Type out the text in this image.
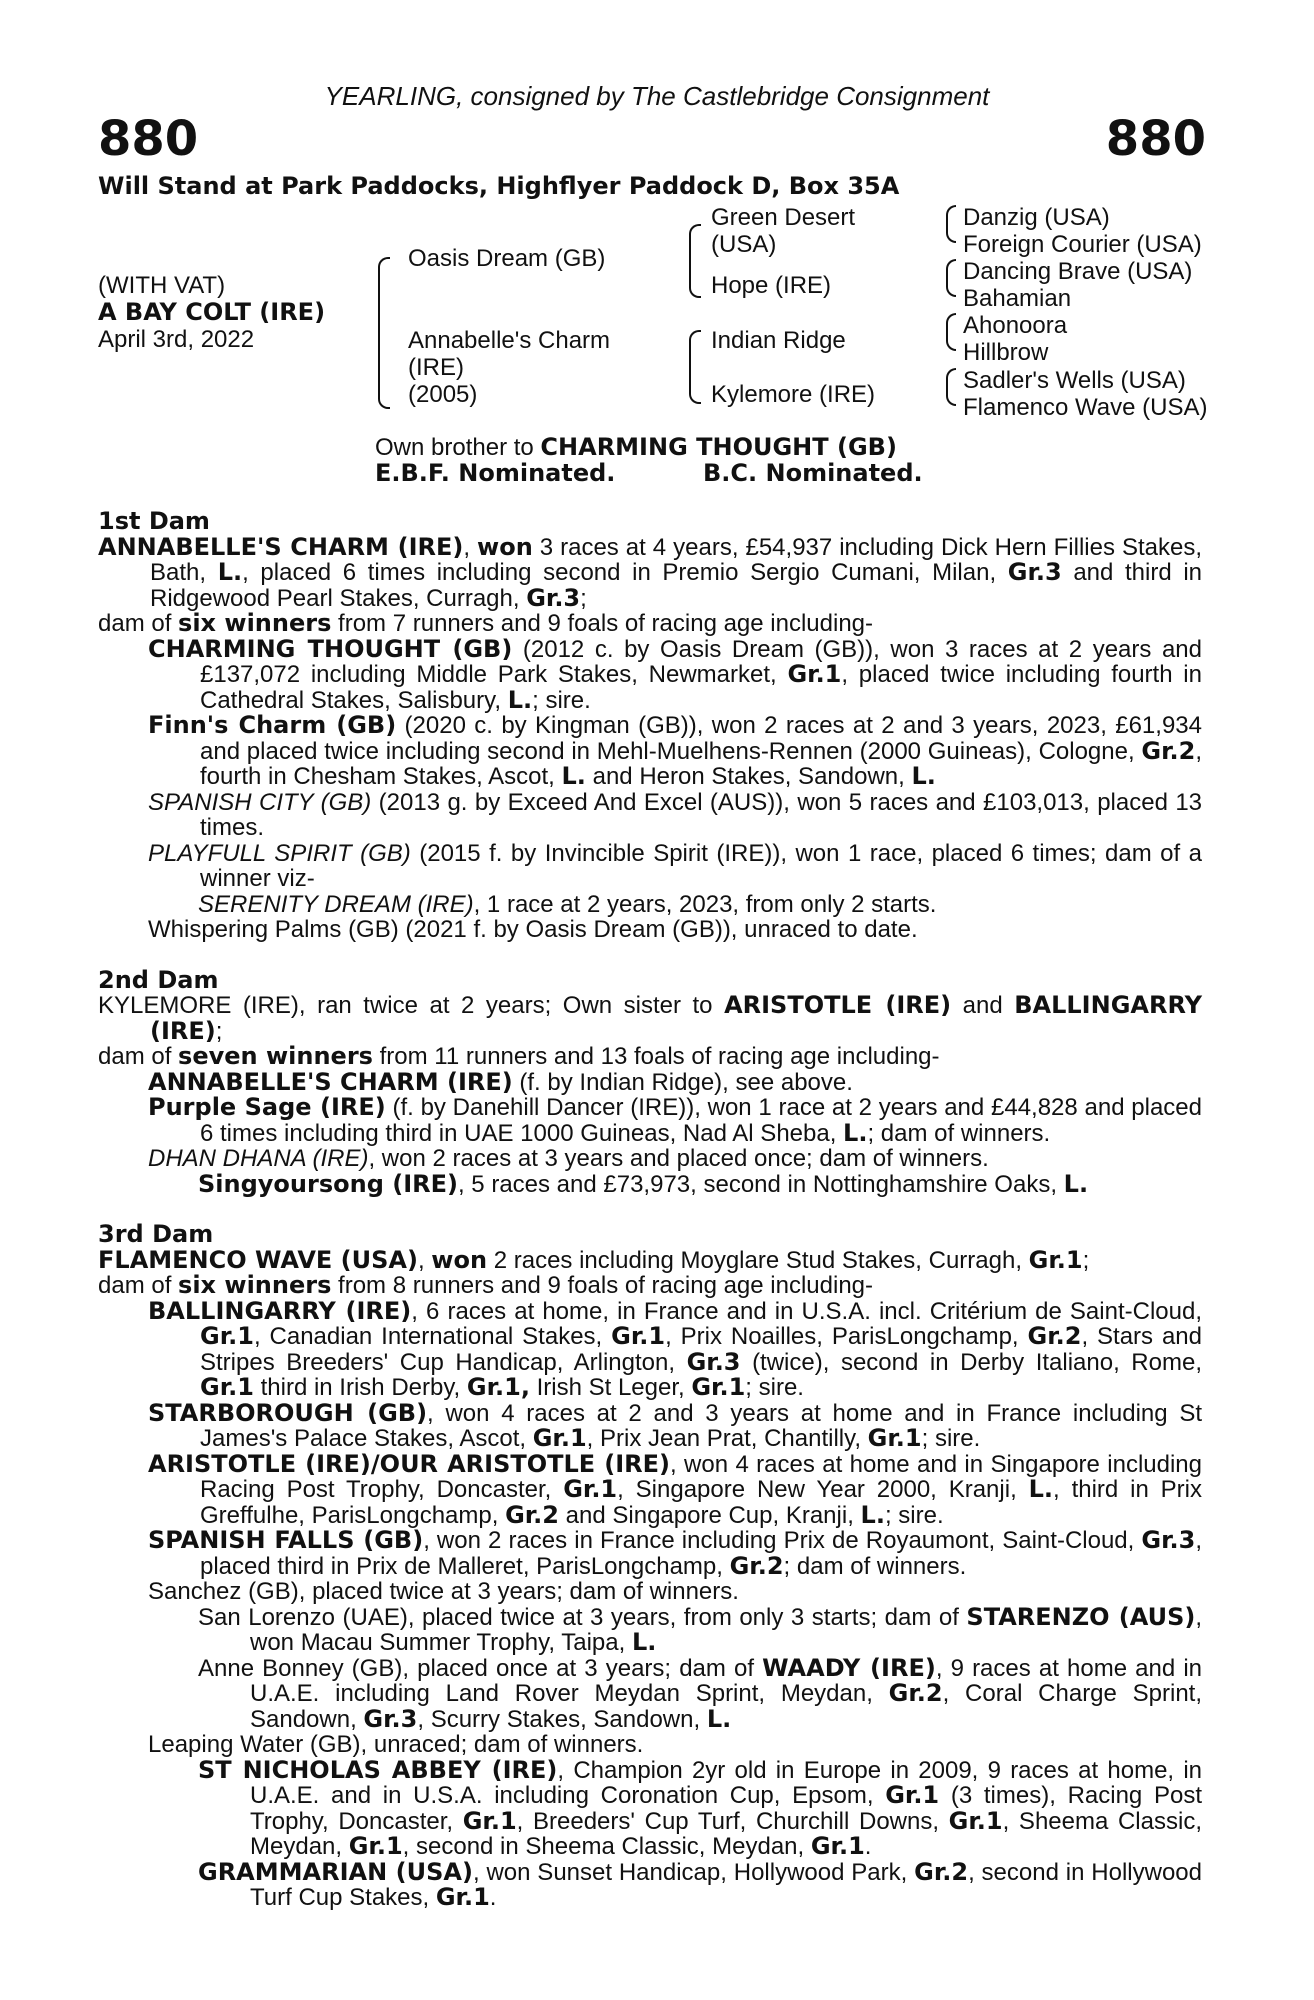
YEARLING, consigned by The Castlebridge Consignment
880	880
Will Stand at Park Paddocks, Highflyer Paddock D, Box 35A
(WITH VAT)
A BAY COLT (IRE)
April 3rd, 2022
Oasis Dream (GB)
Annabelle's Charm
(IRE)
(2005)
Green Desert
(USA)
Hope (IRE)
Indian Ridge
Kylemore (IRE)
Danzig (USA)
Foreign Courier (USA)
Dancing Brave (USA)
Bahamian
Ahonoora
Hillbrow
Sadler's Wells (USA)
Flamenco Wave (USA)
Own brother to CHARMING THOUGHT (GB)
E.B.F. Nominated.	B.C. Nominated.
1st Dam
ANNABELLE'S CHARM (IRE), won 3 races at 4 years, £54,937 including Dick Hern Fillies Stakes, Bath, L., placed 6 times including second in Premio Sergio Cumani, Milan, Gr.3 and third in Ridgewood Pearl Stakes, Curragh, Gr.3;
dam of six winners from 7 runners and 9 foals of racing age including-
CHARMING THOUGHT (GB) (2012 c. by Oasis Dream (GB)), won 3 races at 2 years and £137,072 including Middle Park Stakes, Newmarket, Gr.1, placed twice including fourth in Cathedral Stakes, Salisbury, L.; sire.
Finn's Charm (GB) (2020 c. by Kingman (GB)), won 2 races at 2 and 3 years, 2023, £61,934 and placed twice including second in Mehl-Muelhens-Rennen (2000 Guineas), Cologne, Gr.2, fourth in Chesham Stakes, Ascot, L. and Heron Stakes, Sandown, L.
SPANISH CITY (GB) (2013 g. by Exceed And Excel (AUS)), won 5 races and £103,013, placed 13 times.
PLAYFULL SPIRIT (GB) (2015 f. by Invincible Spirit (IRE)), won 1 race, placed 6 times; dam of a winner viz-
SERENITY DREAM (IRE), 1 race at 2 years, 2023, from only 2 starts.
Whispering Palms (GB) (2021 f. by Oasis Dream (GB)), unraced to date.
2nd Dam
KYLEMORE (IRE), ran twice at 2 years; Own sister to ARISTOTLE (IRE) and BALLINGARRY (IRE);
dam of seven winners from 11 runners and 13 foals of racing age including-
ANNABELLE'S CHARM (IRE) (f. by Indian Ridge), see above.
Purple Sage (IRE) (f. by Danehill Dancer (IRE)), won 1 race at 2 years and £44,828 and placed 6 times including third in UAE 1000 Guineas, Nad Al Sheba, L.; dam of winners.
DHAN DHANA (IRE), won 2 races at 3 years and placed once; dam of winners.
Singyoursong (IRE), 5 races and £73,973, second in Nottinghamshire Oaks, L.
3rd Dam
FLAMENCO WAVE (USA), won 2 races including Moyglare Stud Stakes, Curragh, Gr.1;
dam of six winners from 8 runners and 9 foals of racing age including-
BALLINGARRY (IRE), 6 races at home, in France and in U.S.A. incl. Critérium de Saint-Cloud, Gr.1, Canadian International Stakes, Gr.1, Prix Noailles, ParisLongchamp, Gr.2, Stars and Stripes Breeders' Cup Handicap, Arlington, Gr.3 (twice), second in Derby Italiano, Rome, Gr.1 third in Irish Derby, Gr.1, Irish St Leger, Gr.1; sire.
STARBOROUGH (GB), won 4 races at 2 and 3 years at home and in France including St James's Palace Stakes, Ascot, Gr.1, Prix Jean Prat, Chantilly, Gr.1; sire.
ARISTOTLE (IRE)/OUR ARISTOTLE (IRE), won 4 races at home and in Singapore including Racing Post Trophy, Doncaster, Gr.1, Singapore New Year 2000, Kranji, L., third in Prix Greffulhe, ParisLongchamp, Gr.2 and Singapore Cup, Kranji, L.; sire.
SPANISH FALLS (GB), won 2 races in France including Prix de Royaumont, Saint-Cloud, Gr.3, placed third in Prix de Malleret, ParisLongchamp, Gr.2; dam of winners.
Sanchez (GB), placed twice at 3 years; dam of winners.
San Lorenzo (UAE), placed twice at 3 years, from only 3 starts; dam of STARENZO (AUS), won Macau Summer Trophy, Taipa, L.
Anne Bonney (GB), placed once at 3 years; dam of WAADY (IRE), 9 races at home and in U.A.E. including Land Rover Meydan Sprint, Meydan, Gr.2, Coral Charge Sprint, Sandown, Gr.3, Scurry Stakes, Sandown, L.
Leaping Water (GB), unraced; dam of winners.
ST NICHOLAS ABBEY (IRE), Champion 2yr old in Europe in 2009, 9 races at home, in U.A.E. and in U.S.A. including Coronation Cup, Epsom, Gr.1 (3 times), Racing Post Trophy, Doncaster, Gr.1, Breeders' Cup Turf, Churchill Downs, Gr.1, Sheema Classic, Meydan, Gr.1, second in Sheema Classic, Meydan, Gr.1.
GRAMMARIAN (USA), won Sunset Handicap, Hollywood Park, Gr.2, second in Hollywood Turf Cup Stakes, Gr.1.
